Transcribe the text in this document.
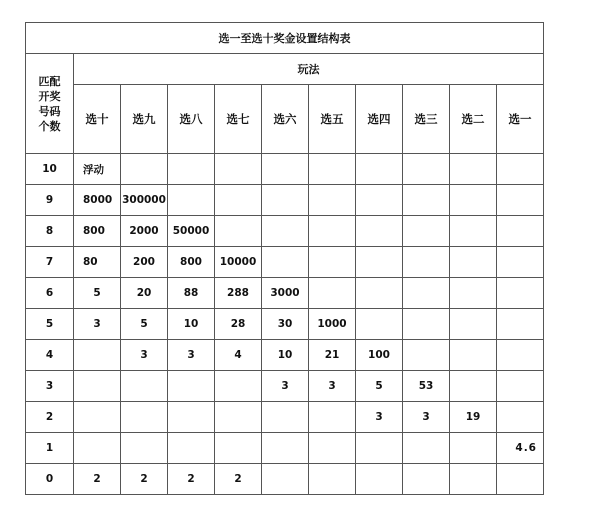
选一至选十奖金设置结构表										
匹配
开奖
号码
个数	玩法									
	选十	选九	选八	选七	选六	选五	选四	选三	选二	选一
10	浮动									
9	8000	300000								
8	800	2000	50000							
7	80	200	800	10000						
6	5	20	88	288	3000					
5	3	5	10	28	30	1000				
4		3	3	4	10	21	100			
3					3	3	5	53		
2							3	3	19	
1										4.6
0	2	2	2	2						
